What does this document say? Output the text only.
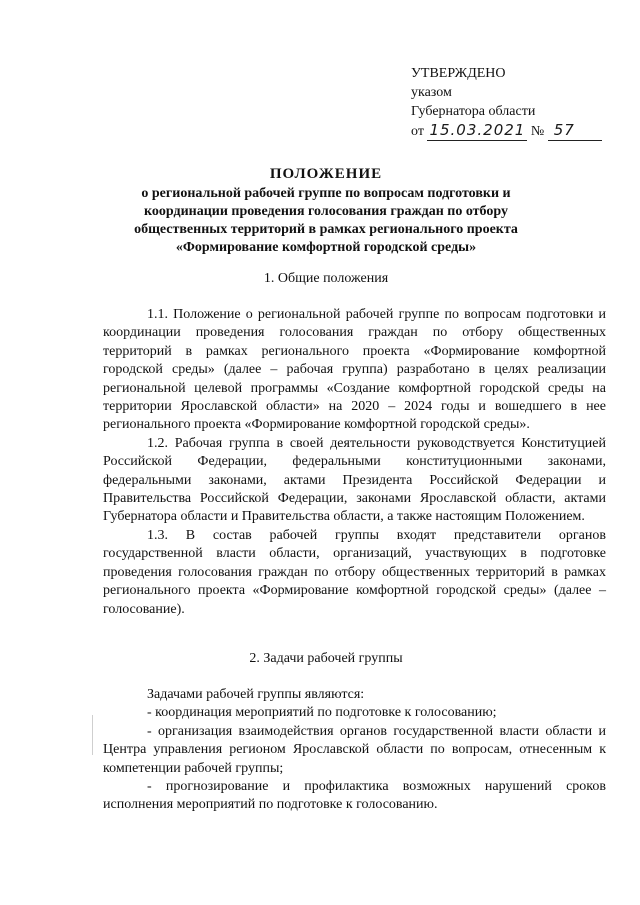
УТВЕРЖДЕНО
указом
Губернатора области
от 15.03.2021 № 57
ПОЛОЖЕНИЕ
о региональной рабочей группе по вопросам подготовки и координации проведения голосования граждан по отбору общественных территорий в рамках регионального проекта «Формирование комфортной городской среды»
1. Общие положения

1.1. Положение о региональной рабочей группе по вопросам подготовки и координации проведения голосования граждан по отбору общественных территорий в рамках регионального проекта «Формирование комфортной городской среды» (далее – рабочая группа) разработано в целях реализации региональной целевой программы «Создание комфортной городской среды на территории Ярославской области» на 2020 – 2024 годы и вошедшего в нее регионального проекта «Формирование комфортной городской среды».

1.2. Рабочая группа в своей деятельности руководствуется Конституцией Российской Федерации, федеральными конституционными законами, федеральными законами, актами Президента Российской Федерации и Правительства Российской Федерации, законами Ярославской области, актами Губернатора области и Правительства области, а также настоящим Положением.

1.3. В состав рабочей группы входят представители органов государственной власти области, организаций, участвующих в подготовке проведения голосования граждан по отбору общественных территорий в рамках регионального проекта «Формирование комфортной городской среды» (далее – голосование).

2. Задачи рабочей группы

Задачами рабочей группы являются:

- координация мероприятий по подготовке к голосованию;

- организация взаимодействия органов государственной власти области и Центра управления регионом Ярославской области по вопросам, отнесенным к компетенции рабочей группы;

- прогнозирование и профилактика возможных нарушений сроков исполнения мероприятий по подготовке к голосованию.
